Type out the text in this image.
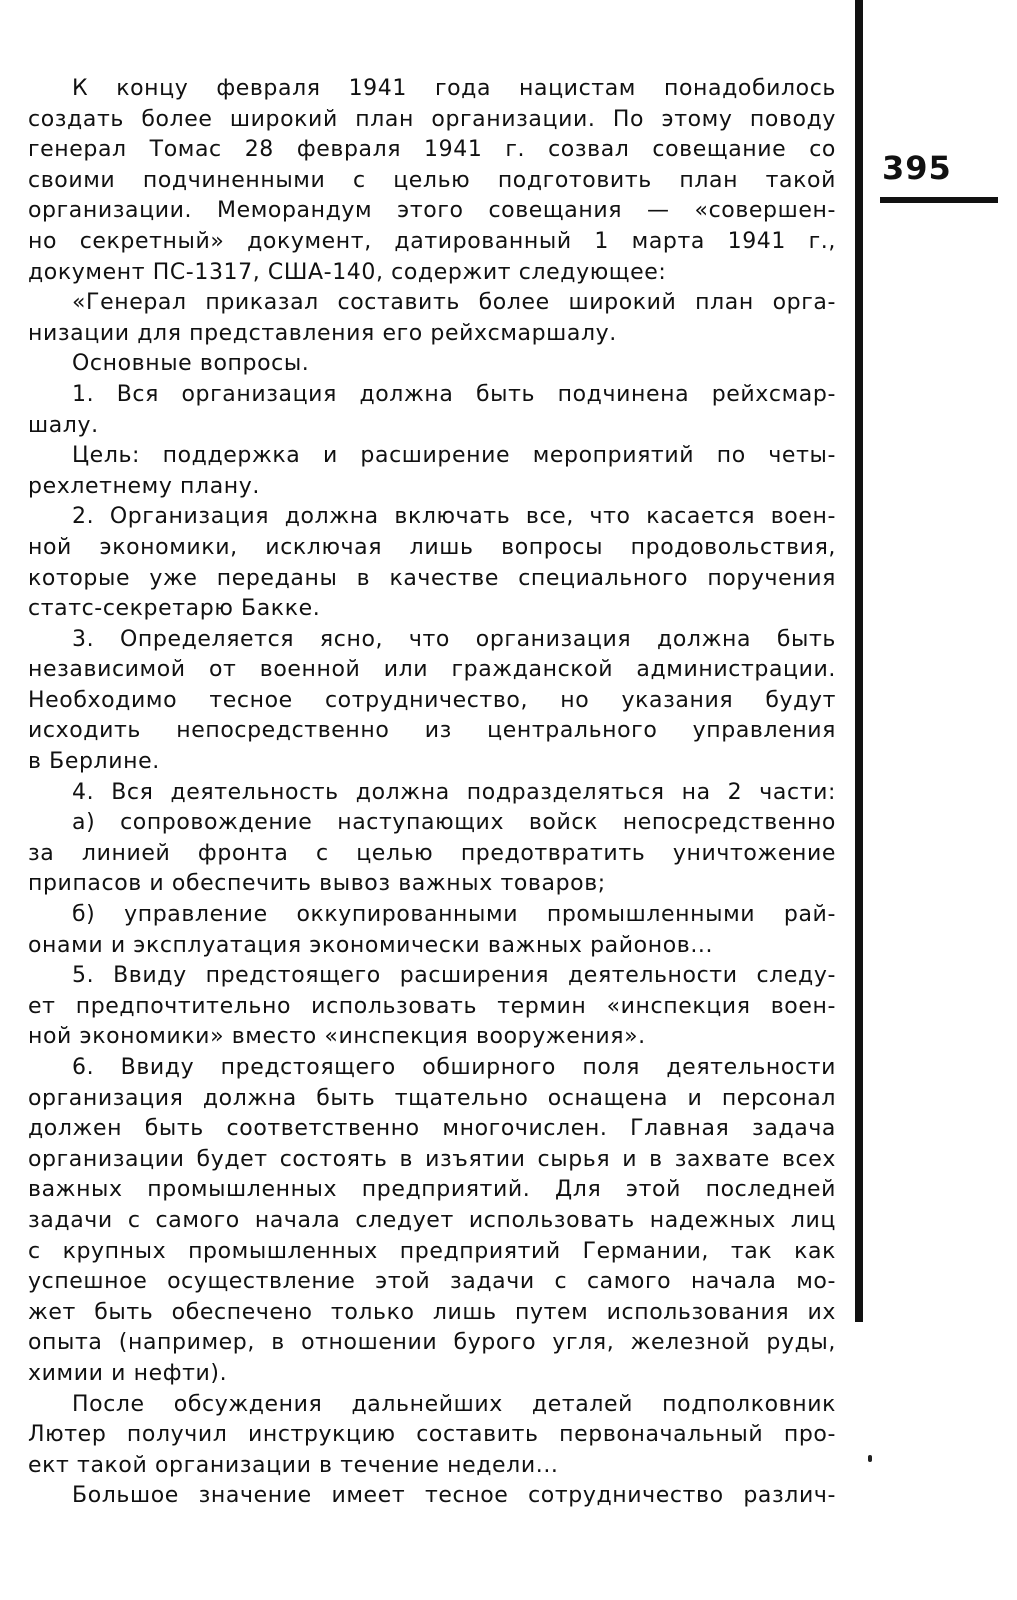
К концу февраля 1941 года нацистам понадобилось
создать более широкий план организации. По этому поводу
генерал Томас 28 февраля 1941 г. созвал совещание со
своими подчиненными с целью подготовить план такой
организации. Меморандум этого совещания — «совершен-
но секретный» документ, датированный 1 марта 1941 г.,
документ ПС-1317, США-140, содержит следующее:
«Генерал приказал составить более широкий план орга-
низации для представления его рейхсмаршалу.
Основные вопросы.
1. Вся организация должна быть подчинена рейхсмар-
шалу.
Цель: поддержка и расширение мероприятий по четы-
рехлетнему плану.
2. Организация должна включать все, что касается воен-
ной экономики, исключая лишь вопросы продовольствия,
которые уже переданы в качестве специального поручения
статс-секретарю Бакке.
3. Определяется ясно, что организация должна быть
независимой от военной или гражданской администрации.
Необходимо тесное сотрудничество, но указания будут
исходить непосредственно из центрального управления
в Берлине.
4. Вся деятельность должна подразделяться на 2 части:
а) сопровождение наступающих войск непосредственно
за линией фронта с целью предотвратить уничтожение
припасов и обеспечить вывоз важных товаров;
б) управление оккупированными промышленными рай-
онами и эксплуатация экономически важных районов...
5. Ввиду предстоящего расширения деятельности следу-
ет предпочтительно использовать термин «инспекция воен-
ной экономики» вместо «инспекция вооружения».
6. Ввиду предстоящего обширного поля деятельности
организация должна быть тщательно оснащена и персонал
должен быть соответственно многочислен. Главная задача
организации будет состоять в изъятии сырья и в захвате всех
важных промышленных предприятий. Для этой последней
задачи с самого начала следует использовать надежных лиц
с крупных промышленных предприятий Германии, так как
успешное осуществление этой задачи с самого начала мо-
жет быть обеспечено только лишь путем использования их
опыта (например, в отношении бурого угля, железной руды,
химии и нефти).
После обсуждения дальнейших деталей подполковник
Лютер получил инструкцию составить первоначальный про-
ект такой организации в течение недели...
Большое значение имеет тесное сотрудничество различ-
395
